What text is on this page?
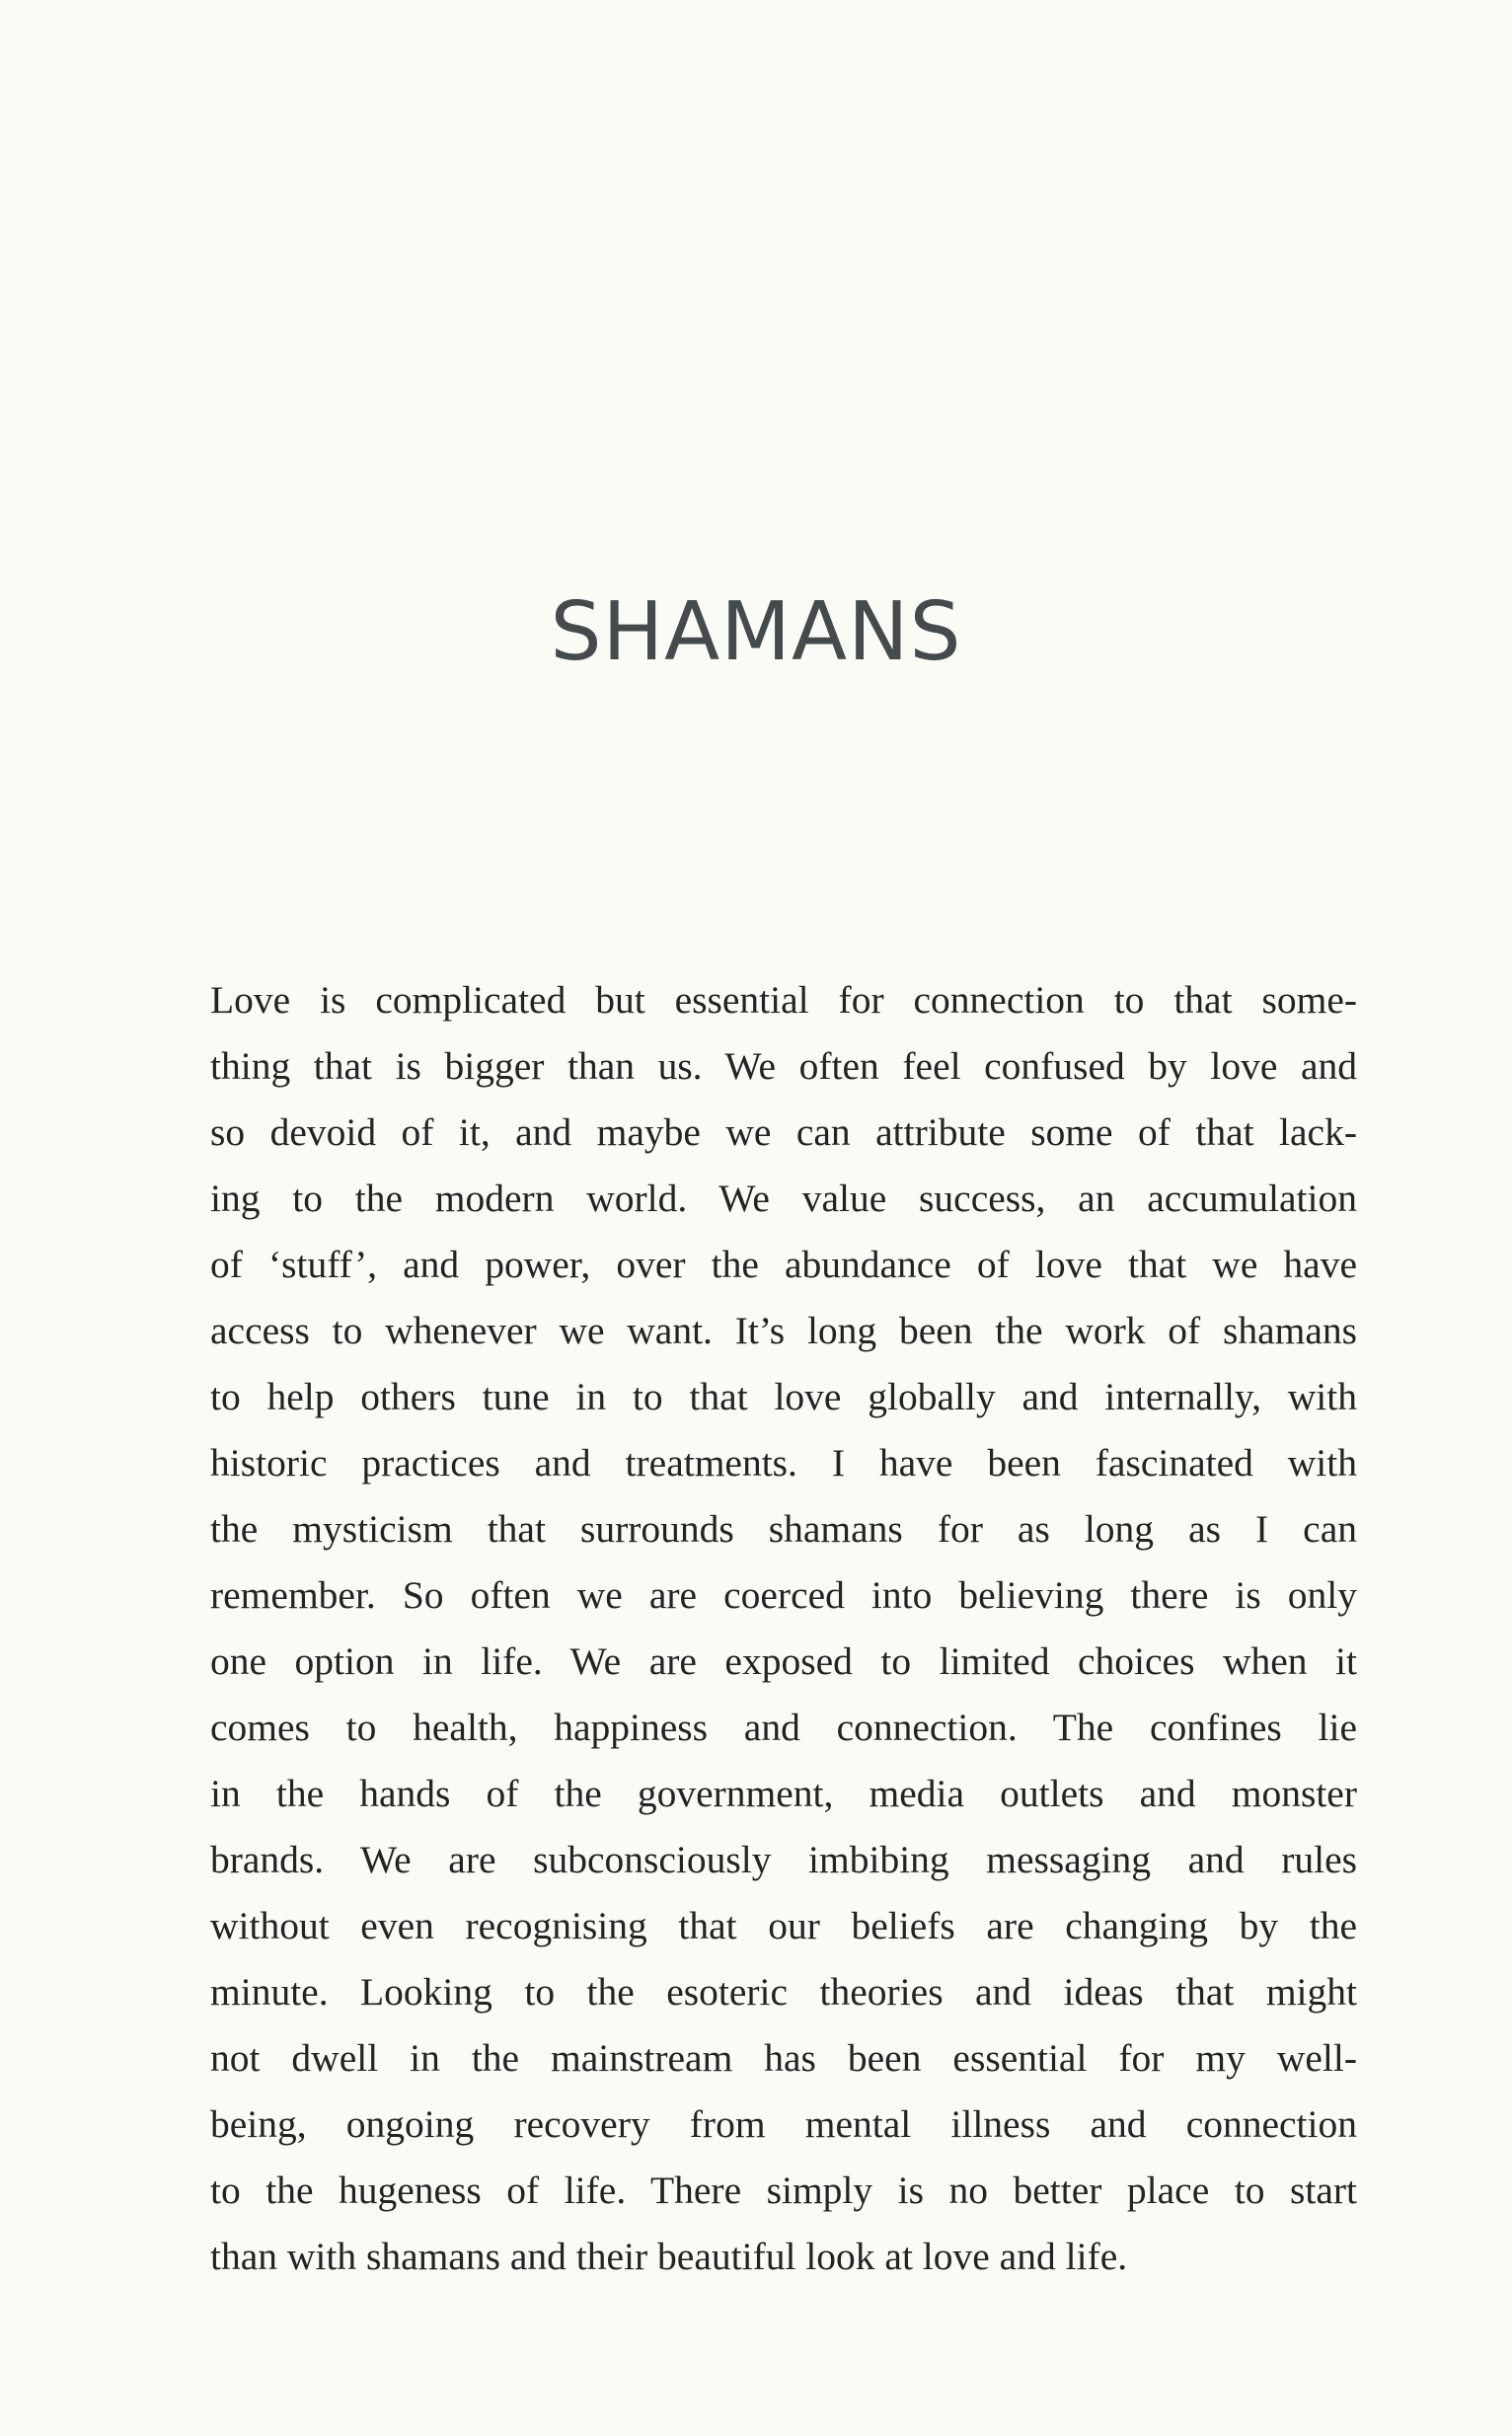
SHAMANS
Love is complicated but essential for connection to that some-
thing that is bigger than us. We often feel confused by love and
so devoid of it, and maybe we can attribute some of that lack-
ing to the modern world. We value success, an accumulation
of ‘stuff’, and power, over the abundance of love that we have
access to whenever we want. It’s long been the work of shamans
to help others tune in to that love globally and internally, with
historic practices and treatments. I have been fascinated with
the mysticism that surrounds shamans for as long as I can
remember. So often we are coerced into believing there is only
one option in life. We are exposed to limited choices when it
comes to health, happiness and connection. The confines lie
in the hands of the government, media outlets and monster
brands. We are subconsciously imbibing messaging and rules
without even recognising that our beliefs are changing by the
minute. Looking to the esoteric theories and ideas that might
not dwell in the mainstream has been essential for my well-
being, ongoing recovery from mental illness and connection
to the hugeness of life. There simply is no better place to start
than with shamans and their beautiful look at love and life.
